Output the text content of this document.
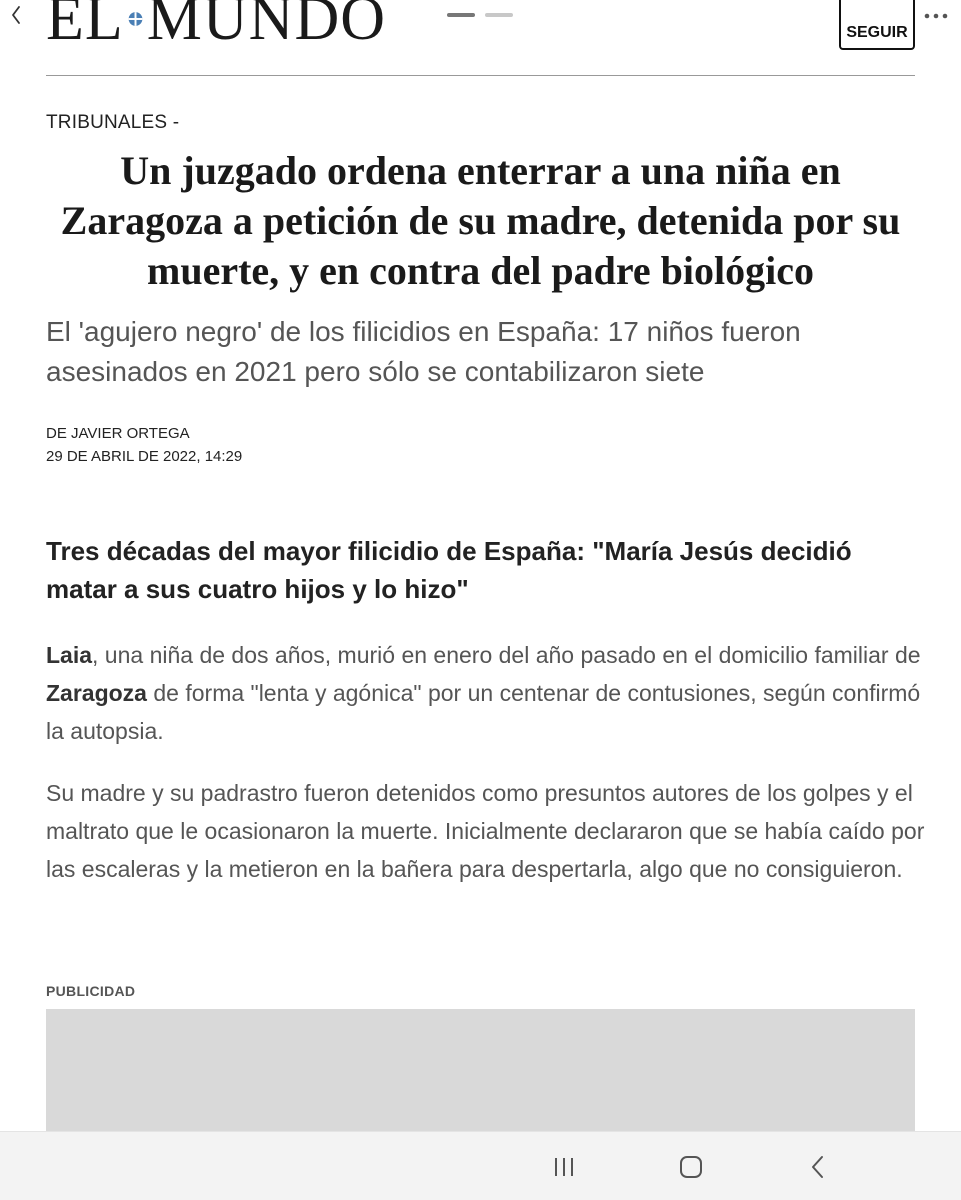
EL MUNDO	SEGUIR
TRIBUNALES -
Un juzgado ordena enterrar a una niña en Zaragoza a petición de su madre, detenida por su muerte, y en contra del padre biológico
El 'agujero negro' de los filicidios en España: 17 niños fueron asesinados en 2021 pero sólo se contabilizaron siete
DE JAVIER ORTEGA
29 DE ABRIL DE 2022, 14:29
Tres décadas del mayor filicidio de España: "María Jesús decidió matar a sus cuatro hijos y lo hizo"

Laia, una niña de dos años, murió en enero del año pasado en el domicilio familiar de Zaragoza de forma "lenta y agónica" por un centenar de contusiones, según confirmó la autopsia.

Su madre y su padrastro fueron detenidos como presuntos autores de los golpes y el maltrato que le ocasionaron la muerte. Inicialmente declararon que se había caído por las escaleras y la metieron en la bañera para despertarla, algo que no consiguieron.

PUBLICIDAD
